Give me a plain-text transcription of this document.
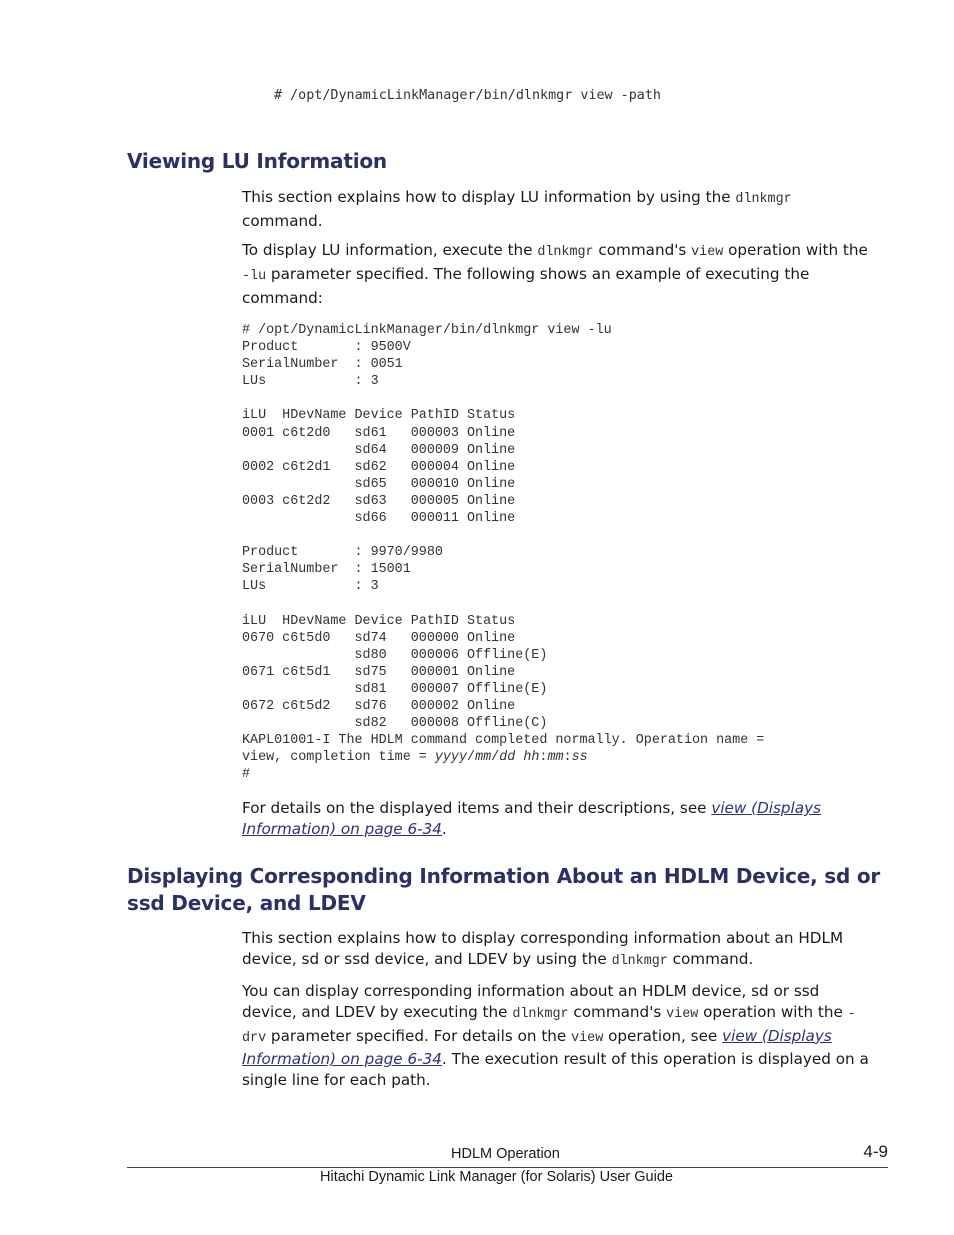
# /opt/DynamicLinkManager/bin/dlnkmgr view -path
Viewing LU Information

This section explains how to display LU information by using the dlnkmgr command.

To display LU information, execute the dlnkmgr command's view operation with the -lu parameter specified. The following shows an example of executing the command:

# /opt/DynamicLinkManager/bin/dlnkmgr view -lu
Product       : 9500V
SerialNumber  : 0051
LUs           : 3

iLU  HDevName Device PathID Status
0001 c6t2d0   sd61   000003 Online
sd64   000009 Online
0002 c6t2d1   sd62   000004 Online
sd65   000010 Online
0003 c6t2d2   sd63   000005 Online
sd66   000011 Online

Product       : 9970/9980
SerialNumber  : 15001
LUs           : 3

iLU  HDevName Device PathID Status
0670 c6t5d0   sd74   000000 Online
sd80   000006 Offline(E)
0671 c6t5d1   sd75   000001 Online
sd81   000007 Offline(E)
0672 c6t5d2   sd76   000002 Online
sd82   000008 Offline(C)
KAPL01001-I The HDLM command completed normally. Operation name =
view, completion time = yyyy/mm/dd hh:mm:ss
#

For details on the displayed items and their descriptions, see view (Displays Information) on page 6-34.

Displaying Corresponding Information About an HDLM Device, sd or ssd Device, and LDEV

This section explains how to display corresponding information about an HDLM device, sd or ssd device, and LDEV by using the dlnkmgr command.

You can display corresponding information about an HDLM device, sd or ssd device, and LDEV by executing the dlnkmgr command's view operation with the -drv parameter specified. For details on the view operation, see view (Displays Information) on page 6-34. The execution result of this operation is displayed on a single line for each path.

HDLM Operation	4-9
Hitachi Dynamic Link Manager (for Solaris) User Guide
